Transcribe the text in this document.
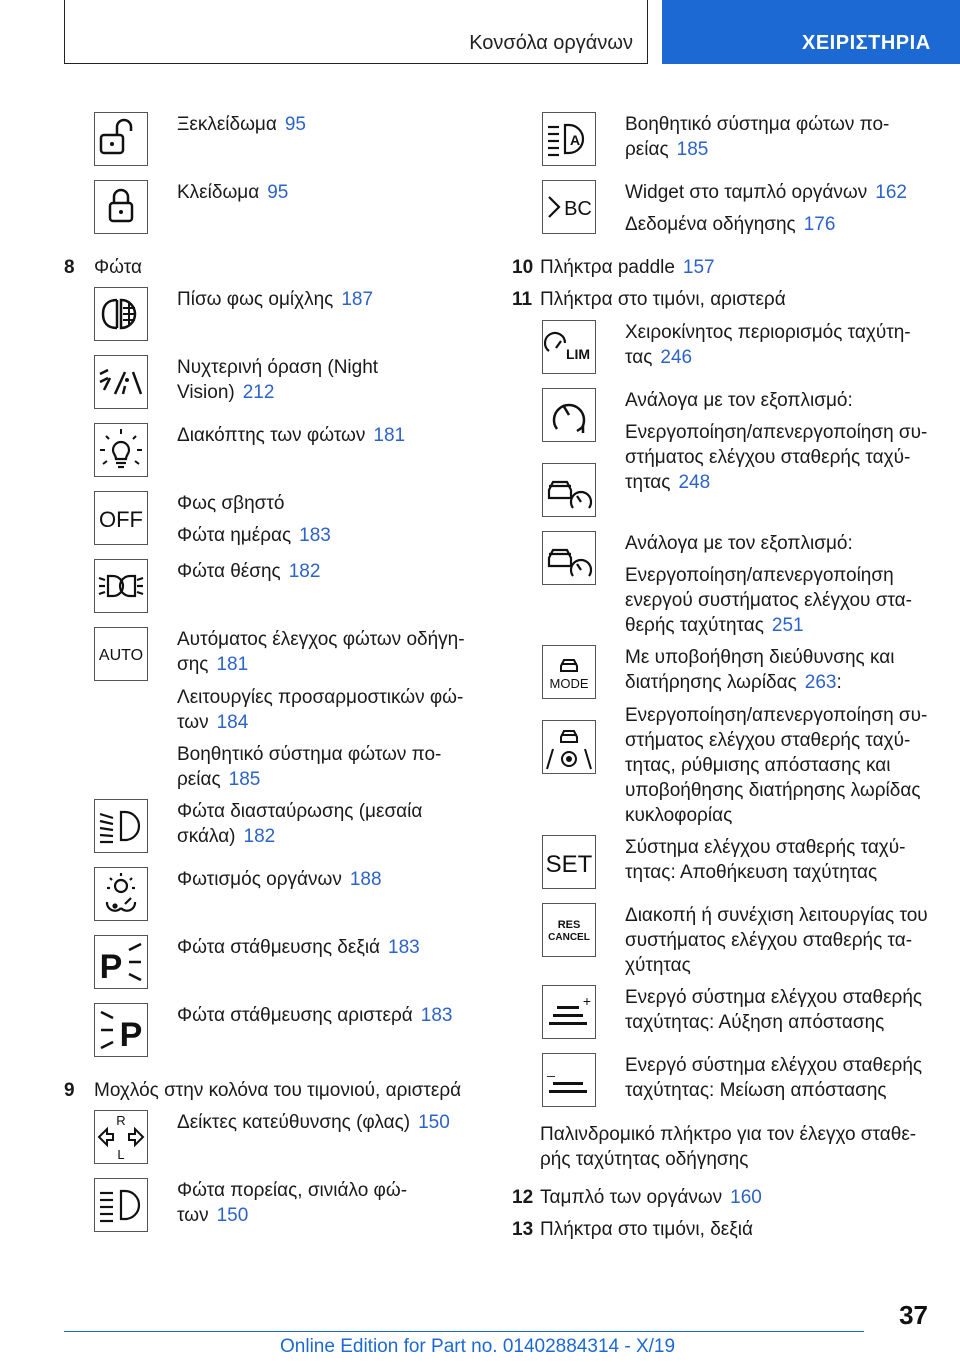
Κονσόλα οργάνων	ΧΕΙΡΙΣΤΗΡΙΑ
Ξεκλείδωμα 95
Κλείδωμα 95
8 Φώτα
Πίσω φως ομίχλης 187
Νυχτερινή όραση (Night
Vision) 212
Διακόπτης των φώτων 181
OFF
Φως σβηστό
Φώτα ημέρας 183
Φώτα θέσης 182
AUTO
Αυτόματος έλεγχος φώτων οδήγη-
σης 181
Λειτουργίες προσαρμοστικών φώ-
των 184
Βοηθητικό σύστημα φώτων πο-
ρείας 185
Φώτα διασταύρωσης (μεσαία
σκάλα) 182
Φωτισμός οργάνων 188
P
Φώτα στάθμευσης δεξιά 183
P
Φώτα στάθμευσης αριστερά 183
9 Μοχλός στην κολόνα του τιμονιού, αριστερά
R
L
Δείκτες κατεύθυνσης (φλας) 150
Φώτα πορείας, σινιάλο φώ-
των 150
A
Βοηθητικό σύστημα φώτων πο-
ρείας 185
BC
Widget στο ταμπλό οργάνων 162
Δεδομένα οδήγησης 176
10 Πλήκτρα paddle 157
11 Πλήκτρα στο τιμόνι, αριστερά
LIM
Χειροκίνητος περιορισμός ταχύτη-
τας 246
Ανάλογα με τον εξοπλισμό:
Ενεργοποίηση/απενεργοποίηση συ-
στήματος ελέγχου σταθερής ταχύ-
τητας 248
Ανάλογα με τον εξοπλισμό:
Ενεργοποίηση/απενεργοποίηση
ενεργού συστήματος ελέγχου στα-
θερής ταχύτητας 251
MODE
Με υποβοήθηση διεύθυνσης και
διατήρησης λωρίδας 263:
Ενεργοποίηση/απενεργοποίηση συ-
στήματος ελέγχου σταθερής ταχύ-
τητας, ρύθμισης απόστασης και
υποβοήθησης διατήρησης λωρίδας
κυκλοφορίας
SET
Σύστημα ελέγχου σταθερής ταχύ-
τητας: Αποθήκευση ταχύτητας
RES
CANCEL
Διακοπή ή συνέχιση λειτουργίας του
συστήματος ελέγχου σταθερής τα-
χύτητας
+ Ενεργό σύστημα ελέγχου σταθερής
ταχύτητας: Αύξηση απόστασης
_	Ενεργό σύστημα ελέγχου σταθερής
ταχύτητας: Μείωση απόστασης
Παλινδρομικό πλήκτρο για τον έλεγχο σταθε-
ρής ταχύτητας οδήγησης
12 Ταμπλό των οργάνων 160
13 Πλήκτρα στο τιμόνι, δεξιά
37
Online Edition for Part no. 01402884314 - X/19
